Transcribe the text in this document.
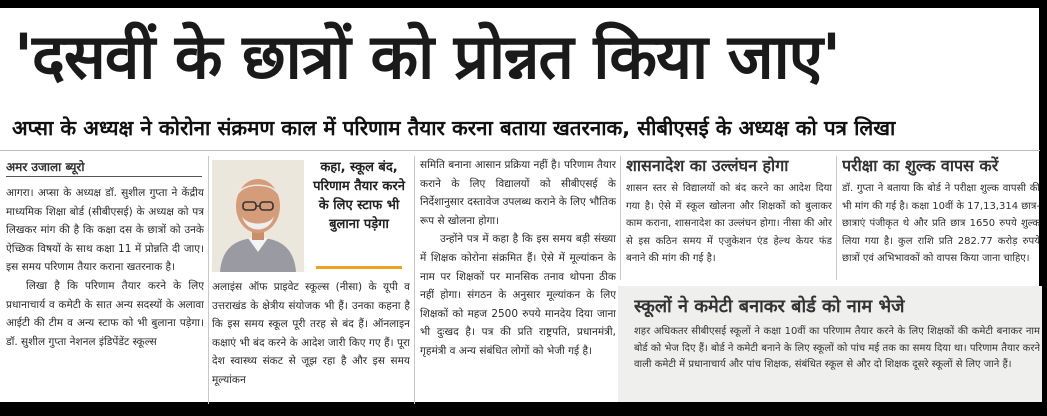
'दसवीं के छात्रों को प्रोन्नत किया जाए'
अप्सा के अध्यक्ष ने कोरोना संक्रमण काल में परिणाम तैयार करना बताया खतरनाक, सीबीएसई के अध्यक्ष को पत्र लिखा
अमर उजाला ब्यूरो

आगरा। अप्सा के अध्यक्ष डॉ. सुशील गुप्ता ने केंद्रीय माध्यमिक शिक्षा बोर्ड (सीबीएसई) के अध्यक्ष को पत्र लिखकर मांग की है कि कक्षा दस के छात्रों को उनके ऐच्छिक विषयों के साथ कक्षा 11 में प्रोन्नति दी जाए। इस समय परिणाम तैयार कराना खतरनाक है।

लिखा है कि परिणाम तैयार करने के लिए प्रधानाचार्य व कमेटी के सात अन्य सदस्यों के अलावा आईटी की टीम व अन्य स्टाफ को भी बुलाना पड़ेगा। डॉ. सुशील गुप्ता नेशनल इंडिपेंडेंट स्कूल्स

कहा, स्कूल बंद, परिणाम तैयार करने के लिए स्टाफ भी बुलाना पड़ेगा

अलाइंस ऑफ प्राइवेट स्कूल्स (नीसा) के यूपी व उत्तराखंड के क्षेत्रीय संयोजक भी हैं। उनका कहना है कि इस समय स्कूल पूरी तरह से बंद हैं। ऑनलाइन कक्षाएं भी बंद करने के आदेश जारी किए गए हैं। पूरा देश स्वास्थ्य संकट से जूझ रहा है और इस समय मूल्यांकन

समिति बनाना आसान प्रक्रिया नहीं है। परिणाम तैयार कराने के लिए विद्यालयों को सीबीएसई के निर्देशानुसार दस्तावेज उपलब्ध कराने के लिए भौतिक रूप से खोलना होगा।

उन्होंने पत्र में कहा है कि इस समय बड़ी संख्या में शिक्षक कोरोना संक्रमित हैं। ऐसे में मूल्यांकन के नाम पर शिक्षकों पर मानसिक तनाव थोपना ठीक नहीं होगा। संगठन के अनुसार मूल्यांकन के लिए शिक्षकों को महज 2500 रुपये मानदेय दिया जाना भी दुःखद है। पत्र की प्रति राष्ट्रपति, प्रधानमंत्री, गृहमंत्री व अन्य संबंधित लोगों को भेजी गई है।

शासनादेश का उल्लंघन होगा
शासन स्तर से विद्यालयों को बंद करने का आदेश दिया गया है। ऐसे में स्कूल खोलना और शिक्षकों को बुलाकर काम कराना, शासनादेश का उल्लंघन होगा। नीसा की ओर से इस कठिन समय में एजुकेशन एंड हेल्थ केयर फंड बनाने की मांग की गई है।
परीक्षा का शुल्क वापस करें
डॉ. गुप्ता ने बताया कि बोर्ड ने परीक्षा शुल्क वापसी की भी मांग की गई है। कक्षा 10वीं के 17,13,314 छात्र-छात्राएं पंजीकृत थे और प्रति छात्र 1650 रुपये शुल्क लिया गया है। कुल राशि प्रति 282.77 करोड़ रुपये छात्रों एवं अभिभावकों को वापस किया जाना चाहिए।
स्कूलों ने कमेटी बनाकर बोर्ड को नाम भेजे
शहर अधिकतर सीबीएसई स्कूलों ने कक्षा 10वीं का परिणाम तैयार करने के लिए शिक्षकों की कमेटी बनाकर नाम बोर्ड को भेज दिए हैं। बोर्ड ने कमेटी बनाने के लिए स्कूलों को पांच मई तक का समय दिया था। परिणाम तैयार करने वाली कमेटी में प्रधानाचार्य और पांच शिक्षक, संबंधित स्कूल से और दो शिक्षक दूसरे स्कूलों से लिए जाने हैं।
